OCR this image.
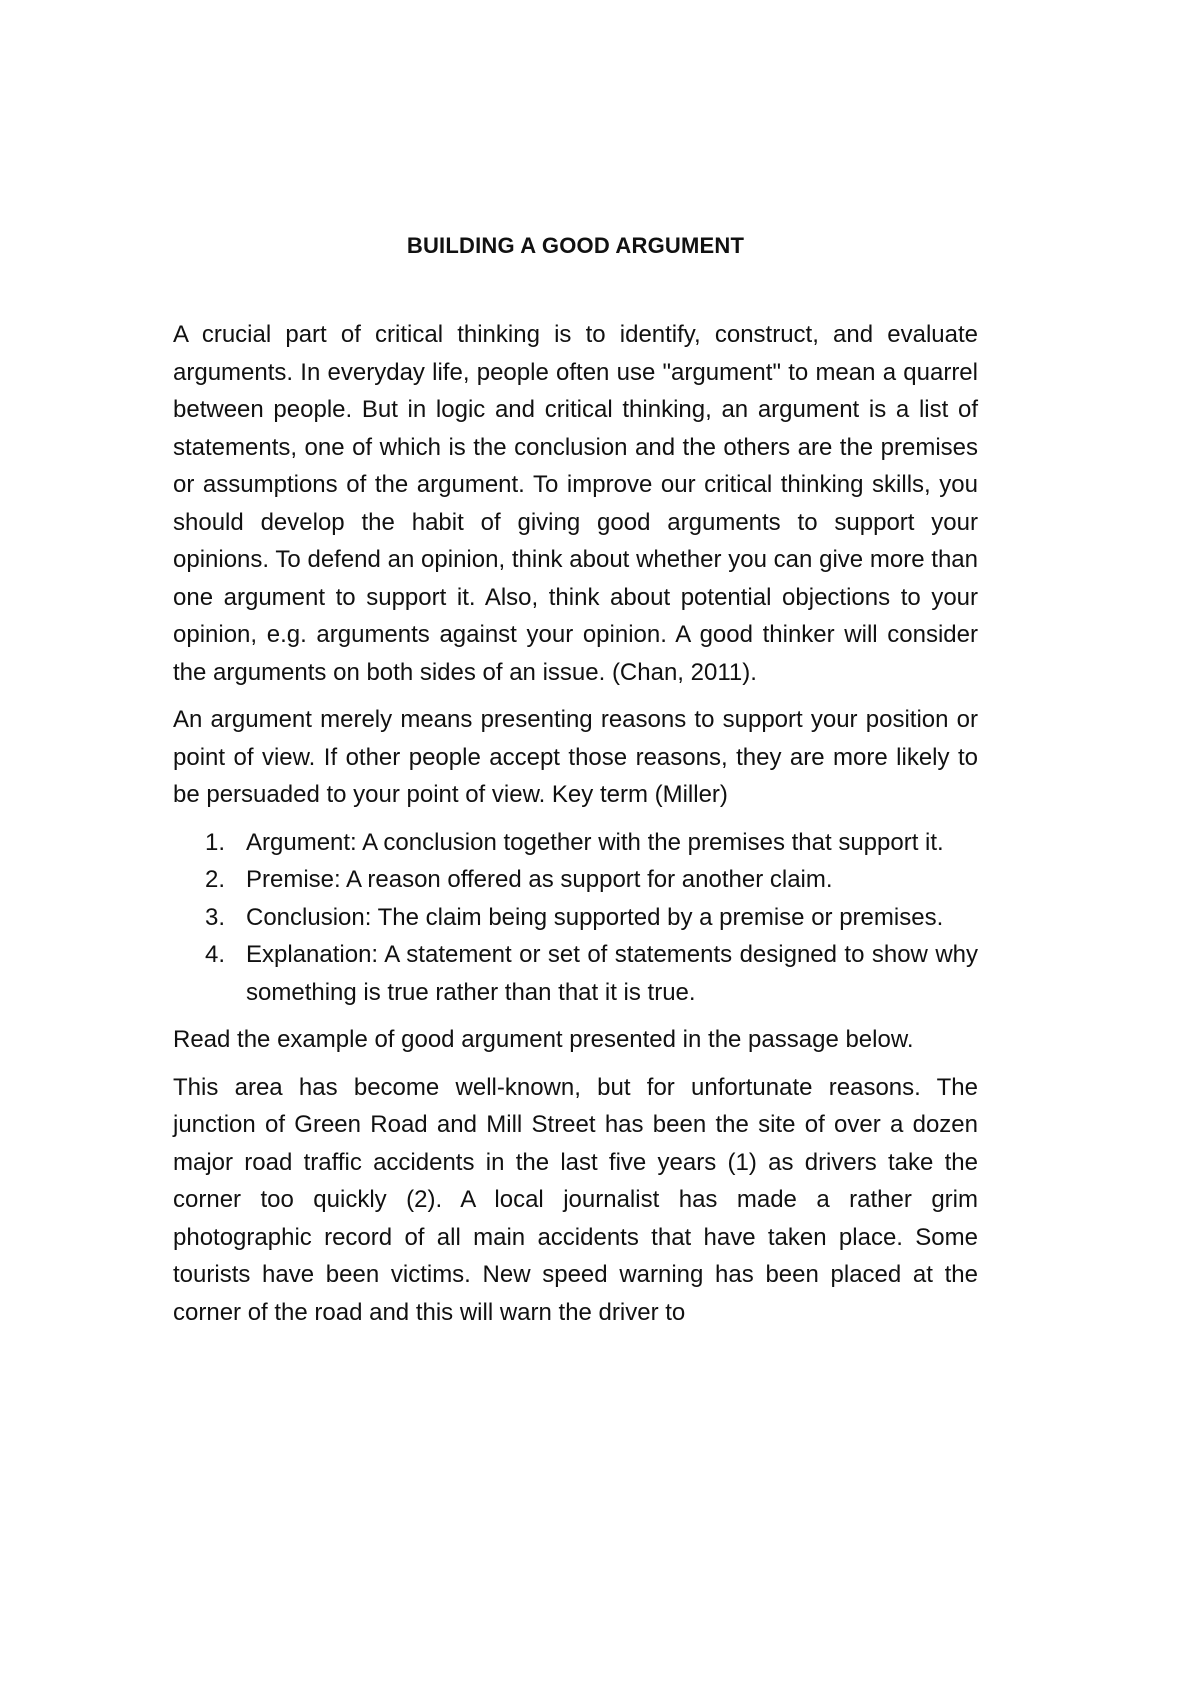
BUILDING A GOOD ARGUMENT

A crucial part of critical thinking is to identify, construct, and evaluate arguments. In everyday life, people often use "argument" to mean a quarrel between people. But in logic and critical thinking, an argument is a list of statements, one of which is the conclusion and the others are the premises or assumptions of the argument. To improve our critical thinking skills, you should develop the habit of giving good arguments to support your opinions. To defend an opinion, think about whether you can give more than one argument to support it. Also, think about potential objections to your opinion, e.g. arguments against your opinion. A good thinker will consider the arguments on both sides of an issue. (Chan, 2011).

An argument merely means presenting reasons to support your position or point of view. If other people accept those reasons, they are more likely to be persuaded to your point of view. Key term (Miller)

1. Argument: A conclusion together with the premises that support it.
2. Premise: A reason offered as support for another claim.
3. Conclusion: The claim being supported by a premise or premises.
4. Explanation: A statement or set of statements designed to show why something is true rather than that it is true.

Read the example of good argument presented in the passage below.

This area has become well-known, but for unfortunate reasons. The junction of Green Road and Mill Street has been the site of over a dozen major road traffic accidents in the last five years (1) as drivers take the corner too quickly (2). A local journalist has made a rather grim photographic record of all main accidents that have taken place. Some tourists have been victims. New speed warning has been placed at the corner of the road and this will warn the driver to
